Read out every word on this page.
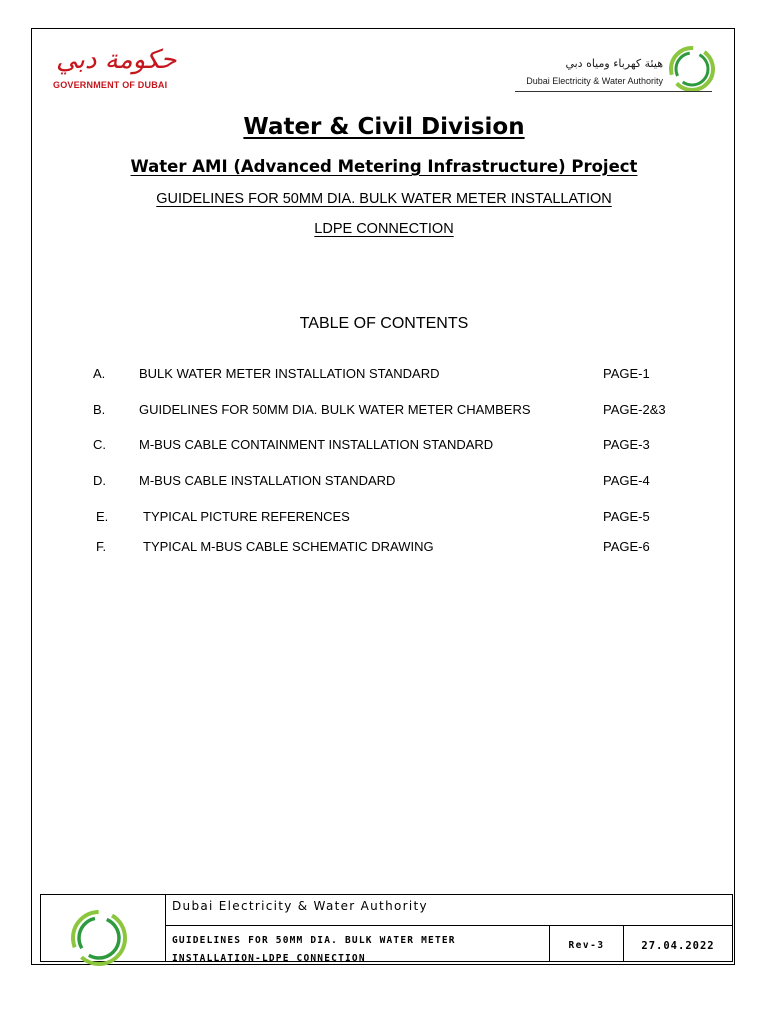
حكومة دبي
GOVERNMENT OF DUBAI
هيئة كهرباء ومياه دبي
Dubai Electricity & Water Authority
Water & Civil Division
Water AMI (Advanced Metering Infrastructure) Project
GUIDELINES FOR 50MM DIA. BULK WATER METER INSTALLATION
LDPE CONNECTION
TABLE OF CONTENTS
A.	BULK WATER METER INSTALLATION STANDARD	PAGE-1
B.	GUIDELINES FOR 50MM DIA. BULK WATER METER CHAMBERS	PAGE-2&3
C.	M-BUS CABLE CONTAINMENT INSTALLATION STANDARD	PAGE-3
D.	M-BUS CABLE INSTALLATION STANDARD	PAGE-4
E.	TYPICAL PICTURE REFERENCES	PAGE-5
F.	TYPICAL M-BUS CABLE SCHEMATIC DRAWING	PAGE-6
Dubai Electricity & Water Authority
GUIDELINES FOR 50MM DIA. BULK WATER METER
INSTALLATION-LDPE CONNECTION
Rev-3	27.04.2022
